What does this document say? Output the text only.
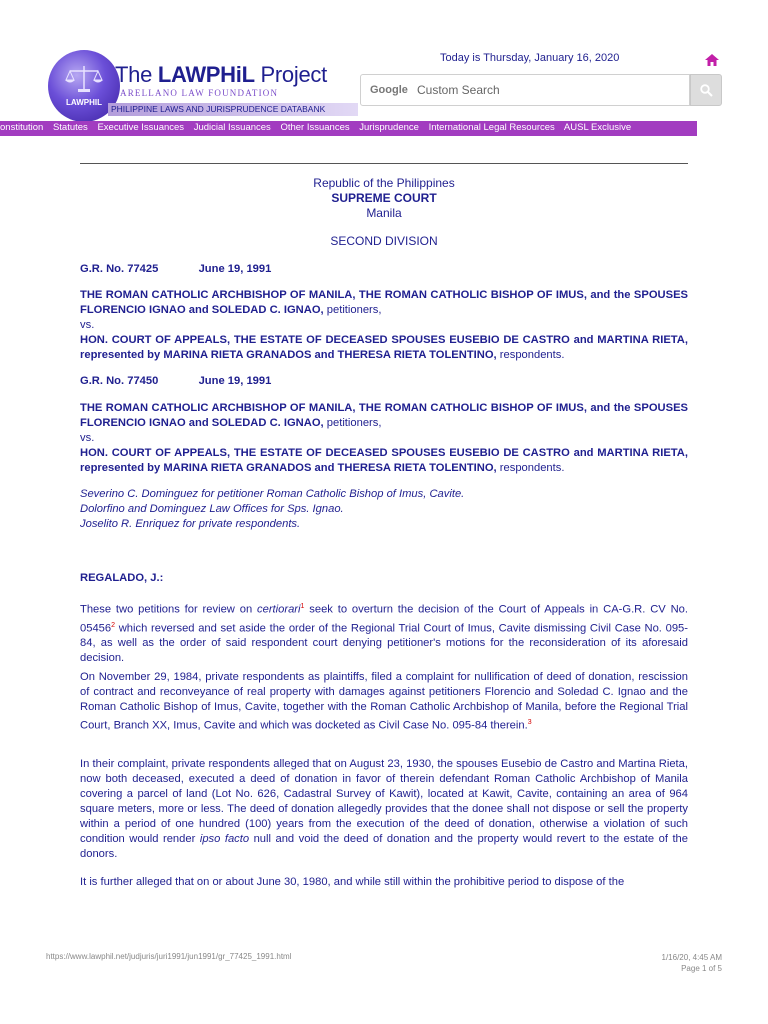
LAWPHIL
The LAWPHiL Project
ARELLANO LAW FOUNDATION
PHILIPPINE LAWS AND JURISPRUDENCE DATABANK
Today is Thursday, January 16, 2020
Google Custom Search
onstitution Statutes Executive Issuances Judicial Issuances Other Issuances Jurisprudence International Legal Resources AUSL Exclusive
Republic of the Philippines
SUPREME COURT
Manila
SECOND DIVISION
G.R. No. 77425	June 19, 1991
THE ROMAN CATHOLIC ARCHBISHOP OF MANILA, THE ROMAN CATHOLIC BISHOP OF IMUS, and the SPOUSES FLORENCIO IGNAO and SOLEDAD C. IGNAO, petitioners,
vs.
HON. COURT OF APPEALS, THE ESTATE OF DECEASED SPOUSES EUSEBIO DE CASTRO and MARTINA RIETA, represented by MARINA RIETA GRANADOS and THERESA RIETA TOLENTINO, respondents.
G.R. No. 77450	June 19, 1991
THE ROMAN CATHOLIC ARCHBISHOP OF MANILA, THE ROMAN CATHOLIC BISHOP OF IMUS, and the SPOUSES FLORENCIO IGNAO and SOLEDAD C. IGNAO, petitioners,
vs.
HON. COURT OF APPEALS, THE ESTATE OF DECEASED SPOUSES EUSEBIO DE CASTRO and MARTINA RIETA, represented by MARINA RIETA GRANADOS and THERESA RIETA TOLENTINO, respondents.
Severino C. Dominguez for petitioner Roman Catholic Bishop of Imus, Cavite.
Dolorfino and Dominguez Law Offices for Sps. Ignao.
Joselito R. Enriquez for private respondents.
REGALADO, J.:
These two petitions for review on certiorari$^1$ seek to overturn the decision of the Court of Appeals in CA-G.R. CV No. 05456$^2$ which reversed and set aside the order of the Regional Trial Court of Imus, Cavite dismissing Civil Case No. 095-84, as well as the order of said respondent court denying petitioner's motions for the reconsideration of its aforesaid decision.
On November 29, 1984, private respondents as plaintiffs, filed a complaint for nullification of deed of donation, rescission of contract and reconveyance of real property with damages against petitioners Florencio and Soledad C. Ignao and the Roman Catholic Bishop of Imus, Cavite, together with the Roman Catholic Archbishop of Manila, before the Regional Trial Court, Branch XX, Imus, Cavite and which was docketed as Civil Case No. 095-84 therein.$^3$
In their complaint, private respondents alleged that on August 23, 1930, the spouses Eusebio de Castro and Martina Rieta, now both deceased, executed a deed of donation in favor of therein defendant Roman Catholic Archbishop of Manila covering a parcel of land (Lot No. 626, Cadastral Survey of Kawit), located at Kawit, Cavite, containing an area of 964 square meters, more or less. The deed of donation allegedly provides that the donee shall not dispose or sell the property within a period of one hundred (100) years from the execution of the deed of donation, otherwise a violation of such condition would render ipso facto null and void the deed of donation and the property would revert to the estate of the donors.
It is further alleged that on or about June 30, 1980, and while still within the prohibitive period to dispose of the
https://www.lawphil.net/judjuris/juri1991/jun1991/gr_77425_1991.html	1/16/20, 4:45 AM
Page 1 of 5
